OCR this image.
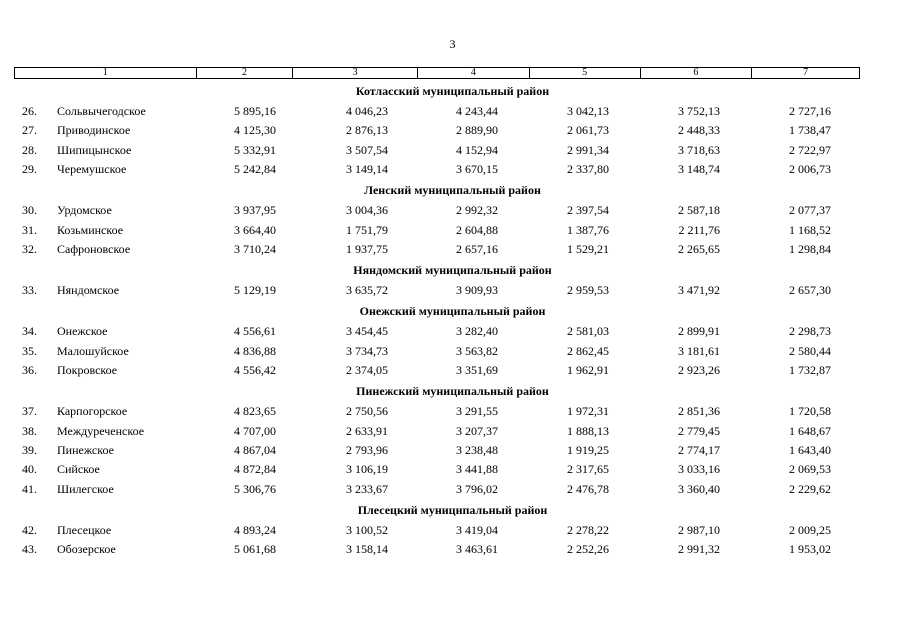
3
1	2	3	4	5	6	7
Котласский муниципальный район
26. Сольвычегодское	5 895,16	4 046,23	4 243,44	3 042,13	3 752,13	2 727,16
27. Приводинское	4 125,30	2 876,13	2 889,90	2 061,73	2 448,33	1 738,47
28. Шипицынское	5 332,91	3 507,54	4 152,94	2 991,34	3 718,63	2 722,97
29. Черемушское	5 242,84	3 149,14	3 670,15	2 337,80	3 148,74	2 006,73
Ленский муниципальный район
30. Урдомское	3 937,95	3 004,36	2 992,32	2 397,54	2 587,18	2 077,37
31. Козьминское	3 664,40	1 751,79	2 604,88	1 387,76	2 211,76	1 168,52
32. Сафроновское	3 710,24	1 937,75	2 657,16	1 529,21	2 265,65	1 298,84
Няндомский муниципальный район
33. Няндомское	5 129,19	3 635,72	3 909,93	2 959,53	3 471,92	2 657,30
Онежский муниципальный район
34. Онежское	4 556,61	3 454,45	3 282,40	2 581,03	2 899,91	2 298,73
35. Малошуйское	4 836,88	3 734,73	3 563,82	2 862,45	3 181,61	2 580,44
36. Покровское	4 556,42	2 374,05	3 351,69	1 962,91	2 923,26	1 732,87
Пинежский муниципальный район
37. Карпогорское	4 823,65	2 750,56	3 291,55	1 972,31	2 851,36	1 720,58
38. Междуреченское	4 707,00	2 633,91	3 207,37	1 888,13	2 779,45	1 648,67
39. Пинежское	4 867,04	2 793,96	3 238,48	1 919,25	2 774,17	1 643,40
40. Сийское	4 872,84	3 106,19	3 441,88	2 317,65	3 033,16	2 069,53
41. Шилегское	5 306,76	3 233,67	3 796,02	2 476,78	3 360,40	2 229,62
Плесецкий муниципальный район
42. Плесецкое	4 893,24	3 100,52	3 419,04	2 278,22	2 987,10	2 009,25
43. Обозерское	5 061,68	3 158,14	3 463,61	2 252,26	2 991,32	1 953,02
